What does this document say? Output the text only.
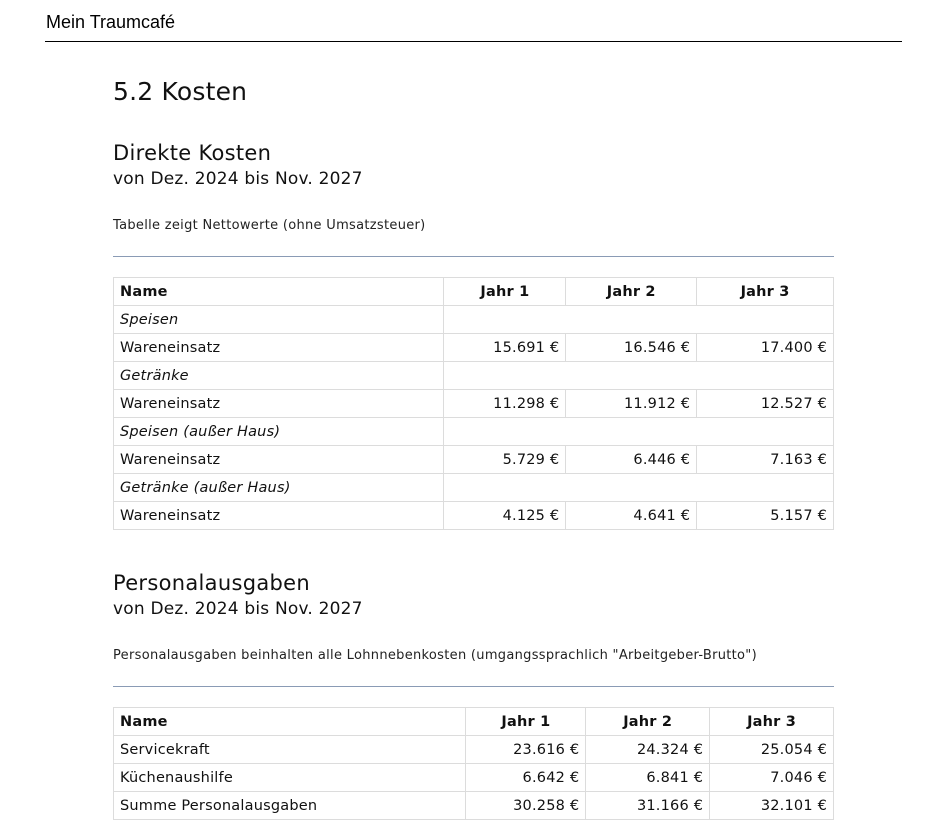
Mein Traumcafé
5.2 Kosten
Direkte Kosten
von Dez. 2024 bis Nov. 2027
Tabelle zeigt Nettowerte (ohne Umsatzsteuer)
Name	Jahr 1	Jahr 2	Jahr 3
Speisen			
Wareneinsatz	15.691 €	16.546 €	17.400 €
Getränke			
Wareneinsatz	11.298 €	11.912 €	12.527 €
Speisen (außer Haus)			
Wareneinsatz	5.729 €	6.446 €	7.163 €
Getränke (außer Haus)			
Wareneinsatz	4.125 €	4.641 €	5.157 €
Personalausgaben
von Dez. 2024 bis Nov. 2027
Personalausgaben beinhalten alle Lohnnebenkosten (umgangssprachlich "Arbeitgeber-Brutto")
Name	Jahr 1	Jahr 2	Jahr 3
Servicekraft	23.616 €	24.324 €	25.054 €
Küchenaushilfe	6.642 €	6.841 €	7.046 €
Summe Personalausgaben	30.258 €	31.166 €	32.101 €
